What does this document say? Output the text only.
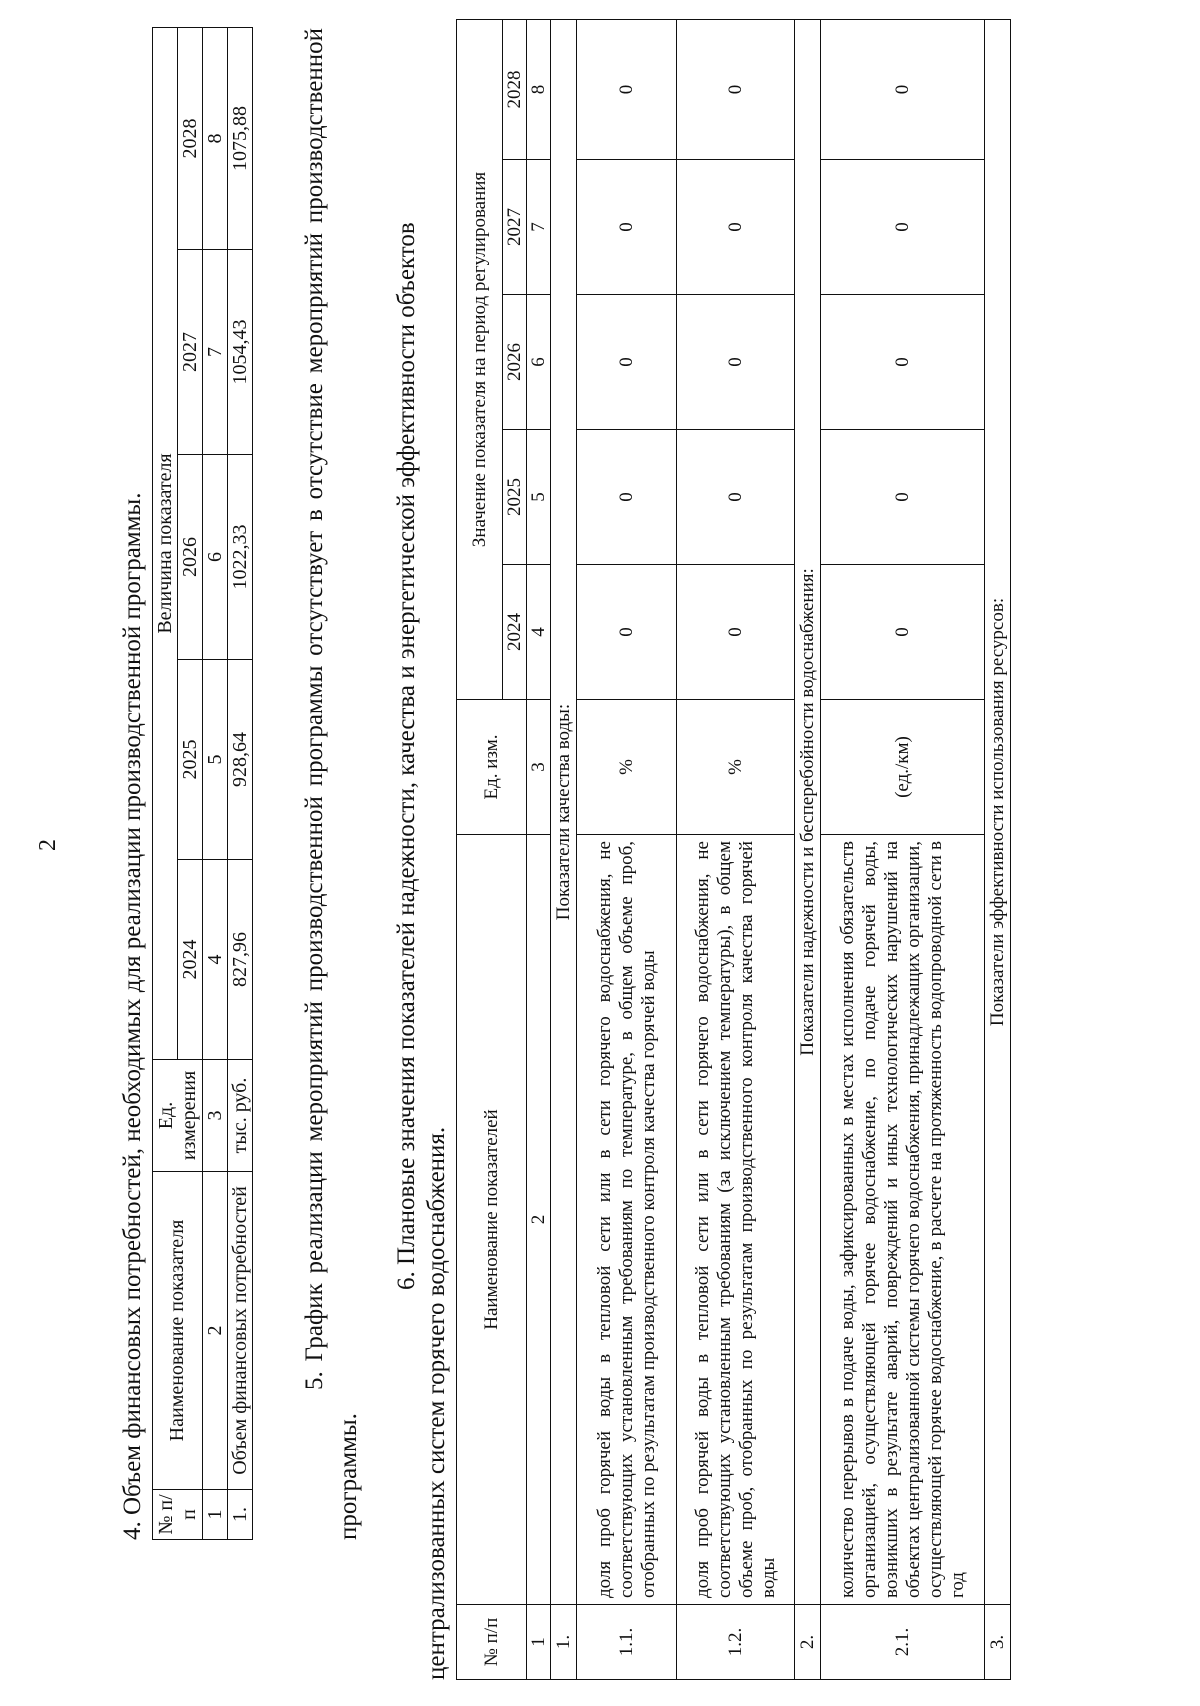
2 4. Объем финансовых потребностей, необходимых для реализации производственной программы. № п/п	Наименование показателя	Ед. измерения	Величина показателя				
			2024	2025	2026	2027	2028
1	2	3	4	5	6	7	8
1.	Объем финансовых потребностей	тыс. руб.	827,96	928,64	1022,33	1054,43	1075,88 5. График реализации мероприятий производственной программы отсутствует в отсутствие мероприятий производственной программы.
6. Плановые значения показателей надежности, качества и энергетической эффективности объектов централизованных систем горячего водоснабжения. № п/п	Наименование показателей	Ед. изм.	Значение показателя на период регулирования				
			2024	2025	2026	2027	2028
1	2	3	4	5	6	7	8
1.	Показатели качества воды:						
1.1.	доля проб горячей воды в тепловой сети или в сети горячего водоснабжения, не соответствующих установленным требованиям по температуре, в общем объеме проб, отобранных по результатам производственного контроля качества горячей воды	%	0	0	0	0	0
1.2.	доля проб горячей воды в тепловой сети или в сети горячего водоснабжения, не соответствующих установленным требованиям (за исключением температуры), в общем объеме проб, отобранных по результатам производственного контроля качества горячей воды	%	0	0	0	0	0
2.	Показатели надежности и бесперебойности водоснабжения:						
2.1.	количество перерывов в подаче воды, зафиксированных в местах исполнения обязательств организацией, осуществляющей горячее водоснабжение, по подаче горячей воды, возникших в результате аварий, повреждений и иных технологических нарушений на объектах централизованной системы горячего водоснабжения, принадлежащих организации, осуществляющей горячее водоснабжение, в расчете на протяженность водопроводной сети в год	(ед./км)	0	0	0	0	0
3.	Показатели эффективности использования ресурсов:						
